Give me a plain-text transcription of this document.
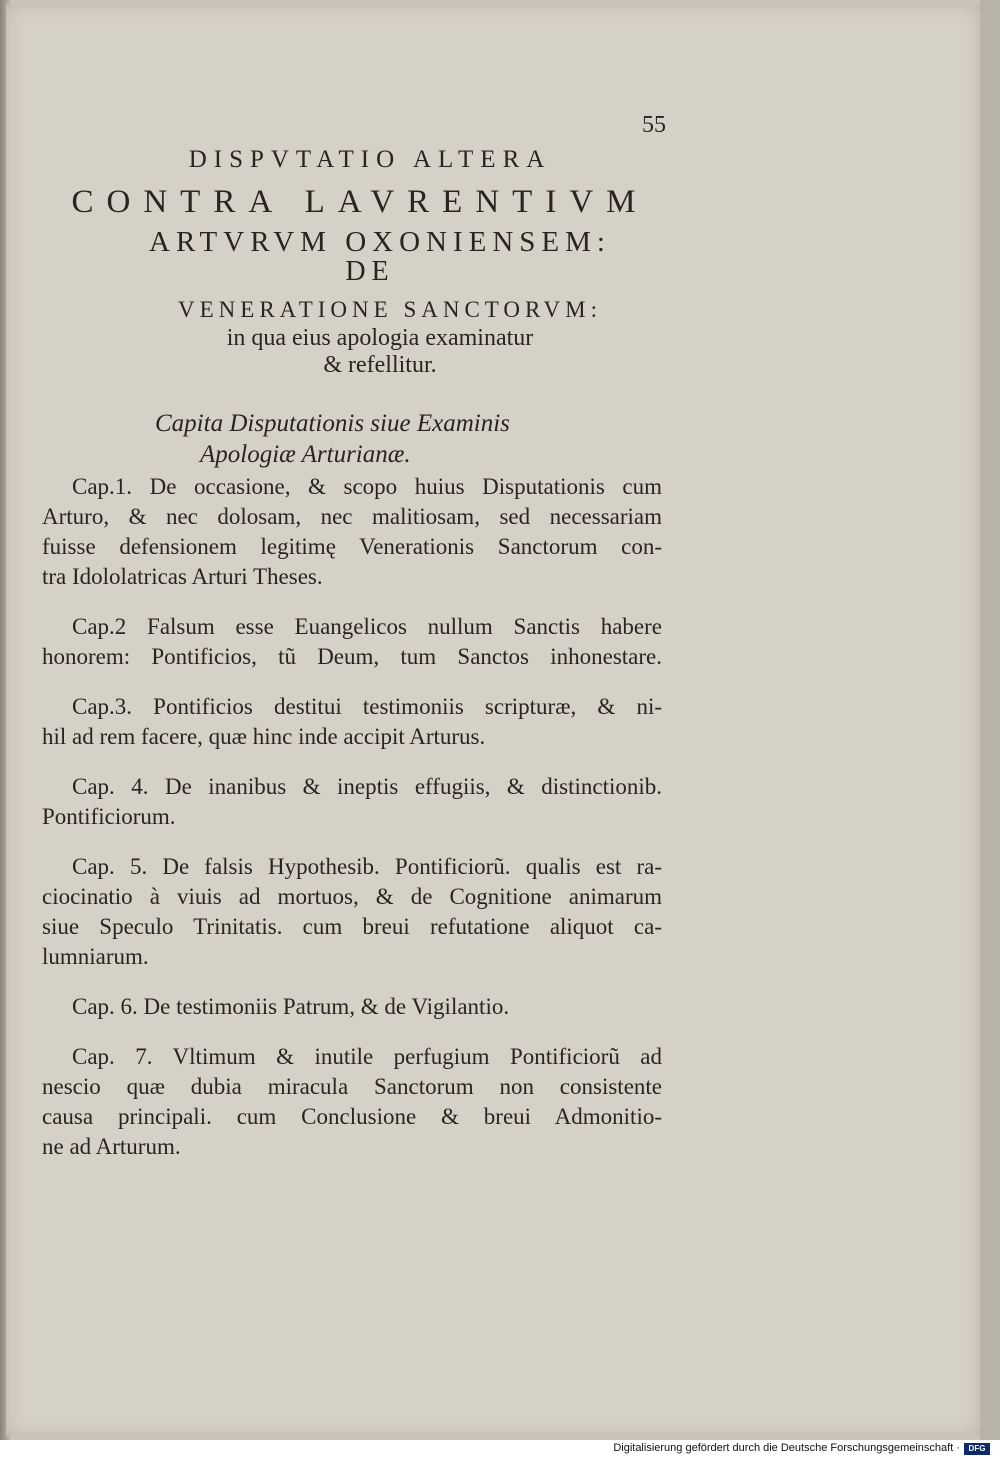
55
DISPVTATIO ALTERA
CONTRA LAVRENTIVM
ARTVRVM OXONIENSEM:
DE
VENERATIONE SANCTORVM:
in qua eius apologia examinatur
& refellitur.
Capita Disputationis siue Examinis
Apologiæ Arturianæ.
Cap.1. De occasione, & scopo huius Disputationis cum
Arturo, & nec dolosam, nec malitiosam, sed necessariam
fuisse defensionem legitimę Venerationis Sanctorum con-
tra Idololatricas Arturi Theses.
Cap.2 Falsum esse Euangelicos nullum Sanctis habere
honorem: Pontificios, tũ Deum, tum Sanctos inhonestare.
Cap.3. Pontificios destitui testimoniis scripturæ, & ni-
hil ad rem facere, quæ hinc inde accipit Arturus.
Cap. 4. De inanibus & ineptis effugiis, & distinctionib.
Pontificiorum.
Cap. 5. De falsis Hypothesib. Pontificiorũ. qualis est ra-
ciocinatio à viuis ad mortuos, & de Cognitione animarum
siue Speculo Trinitatis. cum breui refutatione aliquot ca-
lumniarum.
Cap. 6. De testimoniis Patrum, & de Vigilantio.
Cap. 7. Vltimum & inutile perfugium Pontificiorũ ad
nescio quæ dubia miracula Sanctorum non consistente
causa principali. cum Conclusione & breui Admonitio-
ne ad Arturum.
Digitalisierung gefördert durch die Deutsche Forschungsgemeinschaft ·	DFG
